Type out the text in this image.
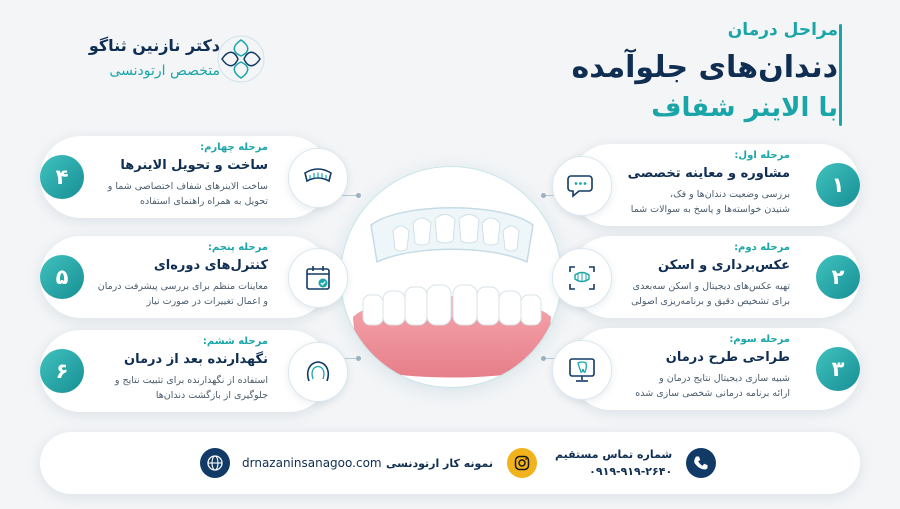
مراحل درمان
دندان‌های جلوآمده
با الاینر شفاف
دکتر نازنین ثناگو
متخصص ارتودنسی
مرحله اول:
مشاوره و معاینه تخصصی
بررسی وضعیت دندان‌ها و فک،
شنیدن خواسته‌ها و پاسخ به سوالات شما
۱
مرحله دوم:
عکس‌برداری و اسکن
تهیه عکس‌های دیجیتال و اسکن سه‌بعدی
برای تشخیص دقیق و برنامه‌ریزی اصولی
۲
مرحله سوم:
طراحی طرح درمان
شبیه سازی دیجیتال نتایج درمان و
ارائه برنامه درمانی شخصی سازی شده
۳
۴
مرحله چهارم:
ساخت و تحویل الاینرها
ساخت الاینرهای شفاف اختصاصی شما و
تحویل به همراه راهنمای استفاده
۵
مرحله پنجم:
کنترل‌های دوره‌ای
معاینات منظم برای بررسی پیشرفت درمان
و اعمال تغییرات در صورت نیاز
۶
مرحله ششم:
نگهدارنده بعد از درمان
استفاده از نگهدارنده برای تثبیت نتایج و
جلوگیری از بازگشت دندان‌ها
drnazaninsanagoo.com نمونه کار ارتودنسی
شماره تماس مستقیم
۰۹۱۹-۹۱۹-۲۶۴۰
